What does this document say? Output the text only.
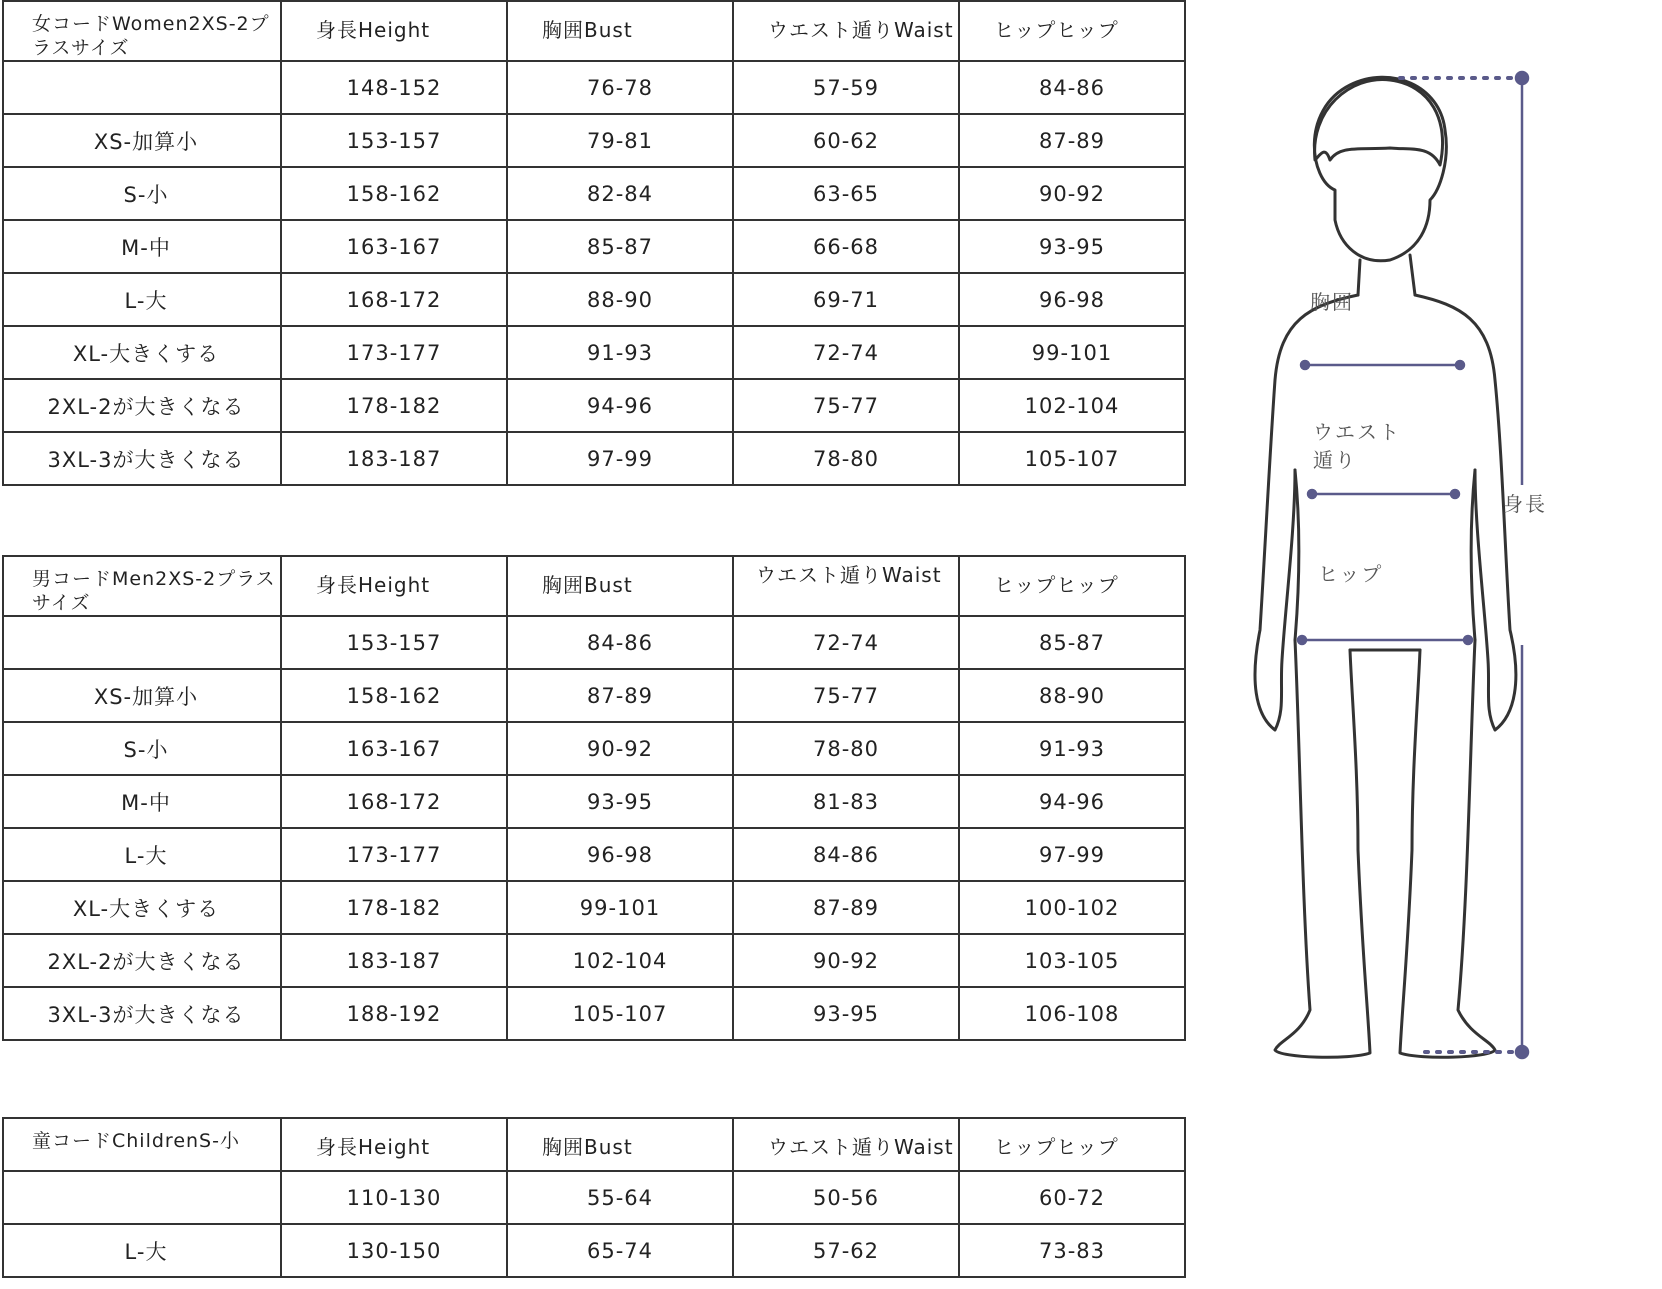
女コードWomen2XS-2プラスサイズ	身長Height	胸囲Bust	ウエスト遁りWaist	ヒップヒップ
	148-152	76-78	57-59	84-86
XS-加算小	153-157	79-81	60-62	87-89
S-小	158-162	82-84	63-65	90-92
M-中	163-167	85-87	66-68	93-95
L-大	168-172	88-90	69-71	96-98
XL-大きくする	173-177	91-93	72-74	99-101
2XL-2が大きくなる	178-182	94-96	75-77	102-104
3XL-3が大きくなる	183-187	97-99	78-80	105-107
男コードMen2XS-2プラスサイズ	身長Height	胸囲Bust	ウエスト遁りWaist	ヒップヒップ
	153-157	84-86	72-74	85-87
XS-加算小	158-162	87-89	75-77	88-90
S-小	163-167	90-92	78-80	91-93
M-中	168-172	93-95	81-83	94-96
L-大	173-177	96-98	84-86	97-99
XL-大きくする	178-182	99-101	87-89	100-102
2XL-2が大きくなる	183-187	102-104	90-92	103-105
3XL-3が大きくなる	188-192	105-107	93-95	106-108
童コードChildrenS-小	身長Height	胸囲Bust	ウエスト遁りWaist	ヒップヒップ
	110-130	55-64	50-56	60-72
L-大	130-150	65-74	57-62	73-83
胸囲
ウエスト遁り
ヒップ
身長
